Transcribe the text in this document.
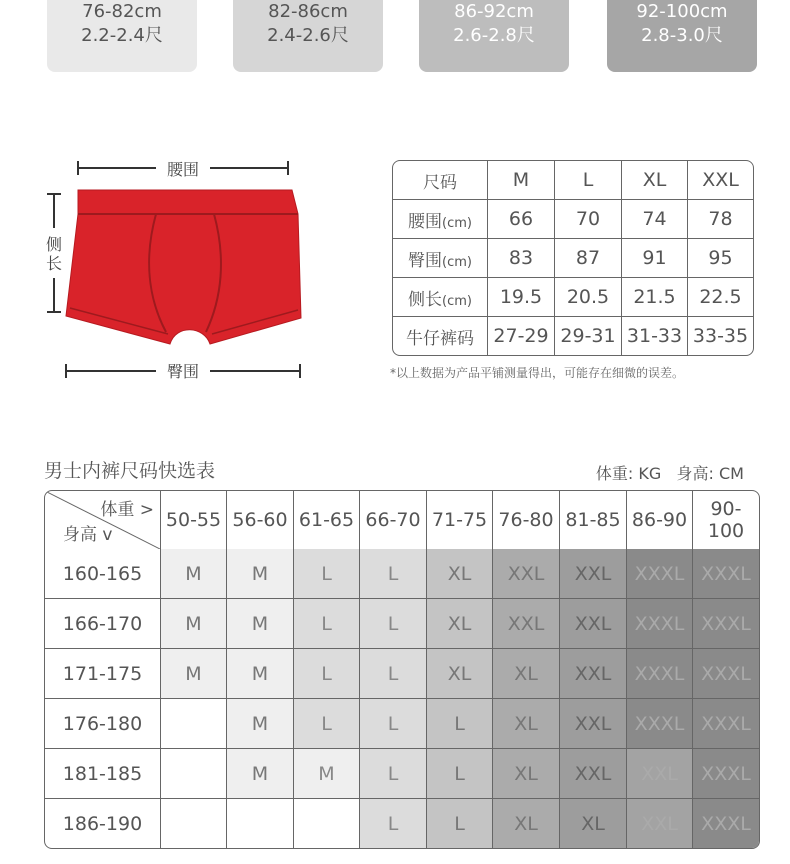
76-82cm
2.2-2.4尺
82-86cm
2.4-2.6尺
86-92cm
2.6-2.8尺
92-100cm
2.8-3.0尺
腰围
侧
长
臀围
尺码	M	L	XL	XXL
腰围(cm)	66	70	74	78
臀围(cm)	83	87	91	95
侧长(cm)	19.5	20.5	21.5	22.5
牛仔裤码	27-29	29-31	31-33	33-35
*以上数据为产品平铺测量得出，可能存在细微的误差。
男士内裤尺码快选表	体重: KG   身高: CM
体重 >
身高 v	50-55	56-60	61-65	66-70	71-75	76-80	81-85	86-90	90-100
160-165	M	M	L	L	XL	XXL	XXL	XXXL	XXXL
166-170	M	M	L	L	XL	XXL	XXL	XXXL	XXXL
171-175	M	M	L	L	XL	XL	XXL	XXXL	XXXL
176-180		M	L	L	L	XL	XXL	XXXL	XXXL
181-185		M	M	L	L	XL	XXL	XXL	XXXL
186-190				L	L	XL	XL	XXL	XXXL
